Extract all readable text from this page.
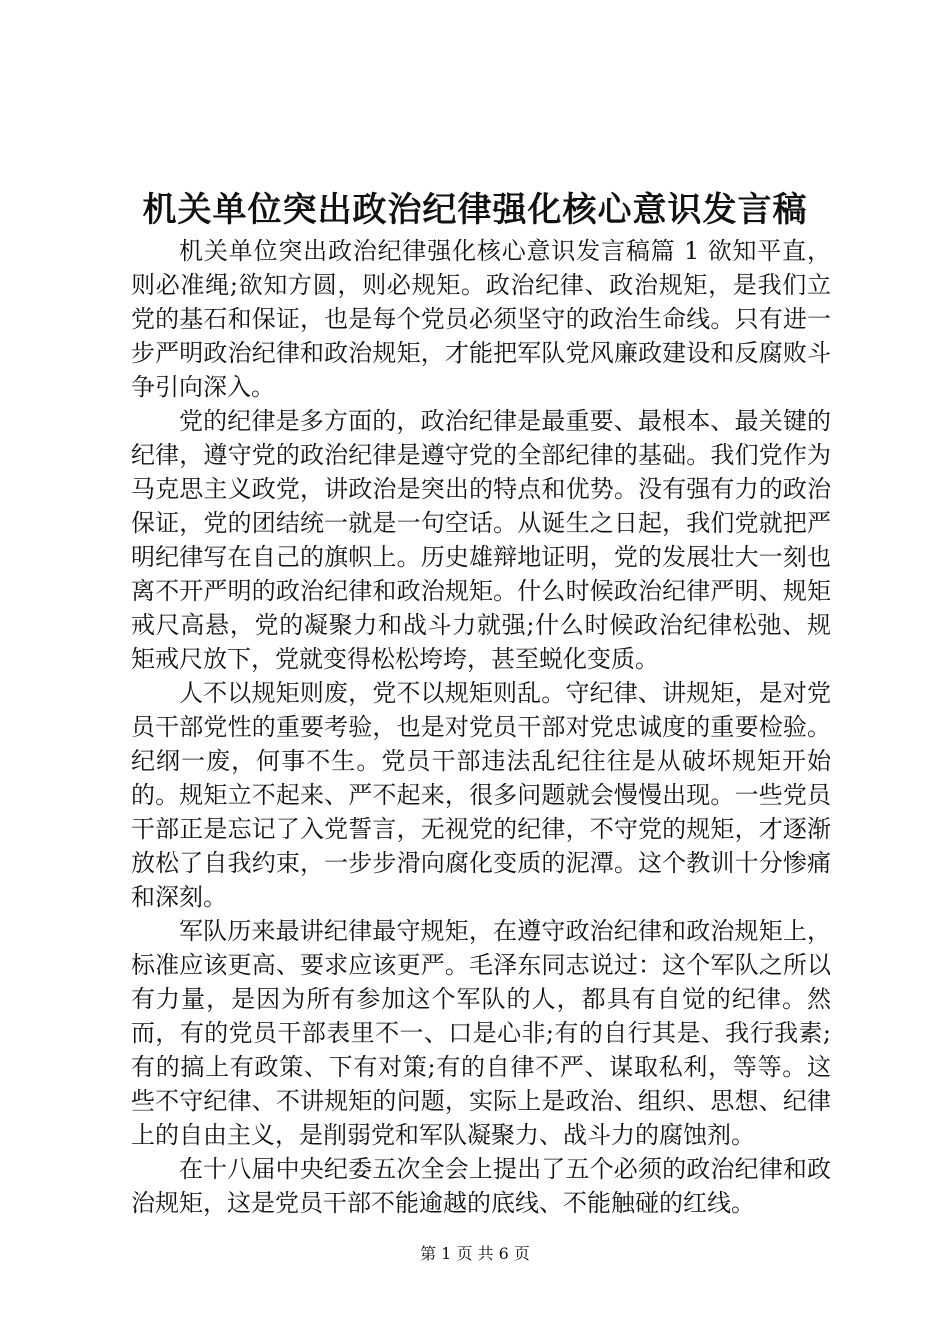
机关单位突出政治纪律强化核心意识发言稿

机关单位突出政治纪律强化核心意识发言稿篇 1 欲知平直，则必准绳;欲知方圆，则必规矩。政治纪律、政治规矩，是我们立党的基石和保证，也是每个党员必须坚守的政治生命线。只有进一步严明政治纪律和政治规矩，才能把军队党风廉政建设和反腐败斗争引向深入。

党的纪律是多方面的，政治纪律是最重要、最根本、最关键的纪律，遵守党的政治纪律是遵守党的全部纪律的基础。我们党作为马克思主义政党，讲政治是突出的特点和优势。没有强有力的政治保证，党的团结统一就是一句空话。从诞生之日起，我们党就把严明纪律写在自己的旗帜上。历史雄辩地证明，党的发展壮大一刻也离不开严明的政治纪律和政治规矩。什么时候政治纪律严明、规矩戒尺高悬，党的凝聚力和战斗力就强;什么时候政治纪律松弛、规矩戒尺放下，党就变得松松垮垮，甚至蜕化变质。

人不以规矩则废，党不以规矩则乱。守纪律、讲规矩，是对党员干部党性的重要考验，也是对党员干部对党忠诚度的重要检验。纪纲一废，何事不生。党员干部违法乱纪往往是从破坏规矩开始的。规矩立不起来、严不起来，很多问题就会慢慢出现。一些党员干部正是忘记了入党誓言，无视党的纪律，不守党的规矩，才逐渐放松了自我约束，一步步滑向腐化变质的泥潭。这个教训十分惨痛和深刻。

军队历来最讲纪律最守规矩，在遵守政治纪律和政治规矩上，标准应该更高、要求应该更严。毛泽东同志说过：这个军队之所以有力量，是因为所有参加这个军队的人，都具有自觉的纪律。然而，有的党员干部表里不一、口是心非;有的自行其是、我行我素;有的搞上有政策、下有对策;有的自律不严、谋取私利，等等。这些不守纪律、不讲规矩的问题，实际上是政治、组织、思想、纪律上的自由主义，是削弱党和军队凝聚力、战斗力的腐蚀剂。

在十八届中央纪委五次全会上提出了五个必须的政治纪律和政治规矩，这是党员干部不能逾越的底线、不能触碰的红线。

第 1 页 共 6 页
